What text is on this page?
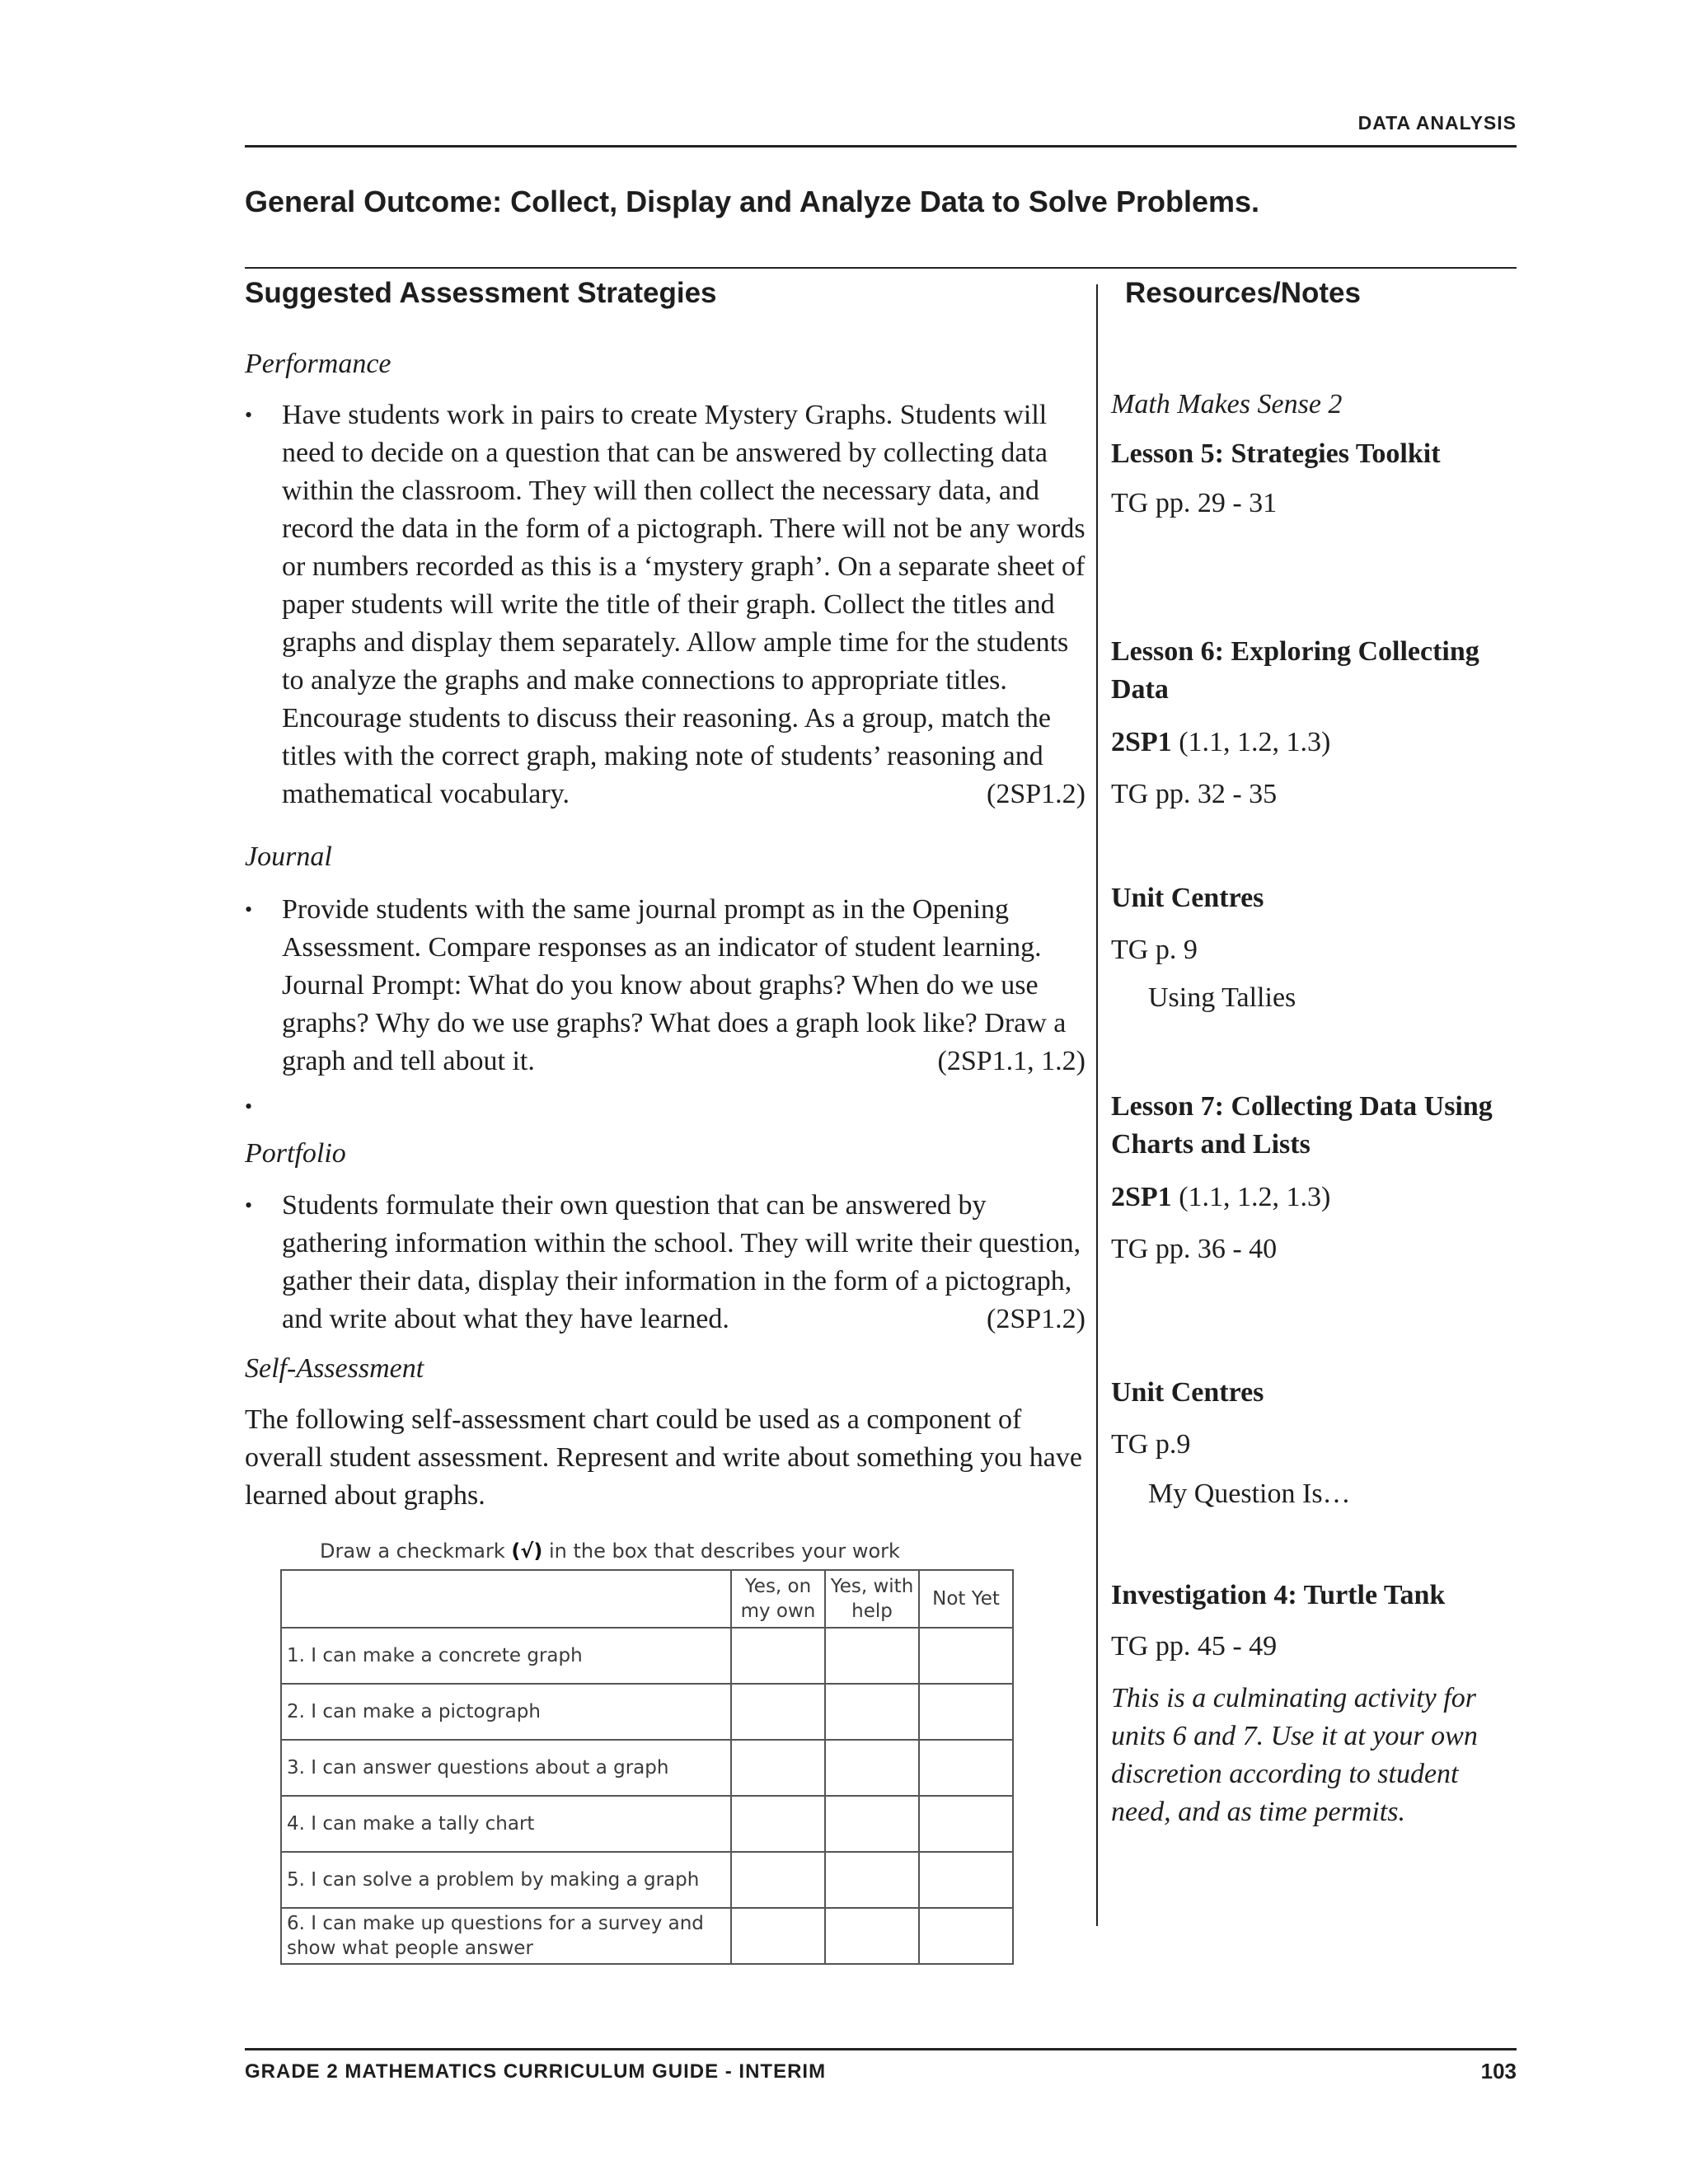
DATA ANALYSIS
General Outcome: Collect, Display and Analyze Data to Solve Problems.
Suggested Assessment Strategies	Resources/Notes
Performance
• Have students work in pairs to create Mystery Graphs. Students will need to decide on a question that can be answered by collecting data within the classroom. They will then collect the necessary data, and record the data in the form of a pictograph. There will not be any words or numbers recorded as this is a ‘mystery graph’. On a separate sheet of paper students will write the title of their graph. Collect the titles and graphs and display them separately. Allow ample time for the students to analyze the graphs and make connections to appropriate titles. Encourage students to discuss their reasoning. As a group, match the titles with the correct graph, making note of students’ reasoning and mathematical vocabulary.	(2SP1.2)
Journal
• Provide students with the same journal prompt as in the Opening Assessment. Compare responses as an indicator of student learning. Journal Prompt: What do you know about graphs? When do we use graphs? Why do we use graphs? What does a graph look like? Draw a graph and tell about it.	(2SP1.1, 1.2)
•
Portfolio
• Students formulate their own question that can be answered by gathering information within the school. They will write their question, gather their data, display their information in the form of a pictograph, and write about what they have learned.	(2SP1.2)
Self-Assessment
The following self-assessment chart could be used as a component of overall student assessment. Represent and write about something you have learned about graphs.
Draw a checkmark (√) in the box that describes your work
	Yes, on my own	Yes, with help	Not Yet
1. I can make a concrete graph			
2. I can make a pictograph			
3. I can answer questions about a graph			
4. I can make a tally chart			
5. I can solve a problem by making a graph			
6. I can make up questions for a survey and show what people answer			
Math Makes Sense 2
Lesson 5: Strategies Toolkit
TG pp. 29 - 31
Lesson 6: Exploring Collecting Data
2SP1 (1.1, 1.2, 1.3)
TG pp. 32 - 35
Unit Centres
TG p. 9
Using Tallies
Lesson 7: Collecting Data Using Charts and Lists
2SP1 (1.1, 1.2, 1.3)
TG pp. 36 - 40
Unit Centres
TG p.9
My Question Is…
Investigation 4: Turtle Tank
TG pp. 45 - 49
This is a culminating activity for units 6 and 7. Use it at your own discretion according to student need, and as time permits.
GRADE 2 MATHEMATICS CURRICULUM GUIDE - INTERIM	103
